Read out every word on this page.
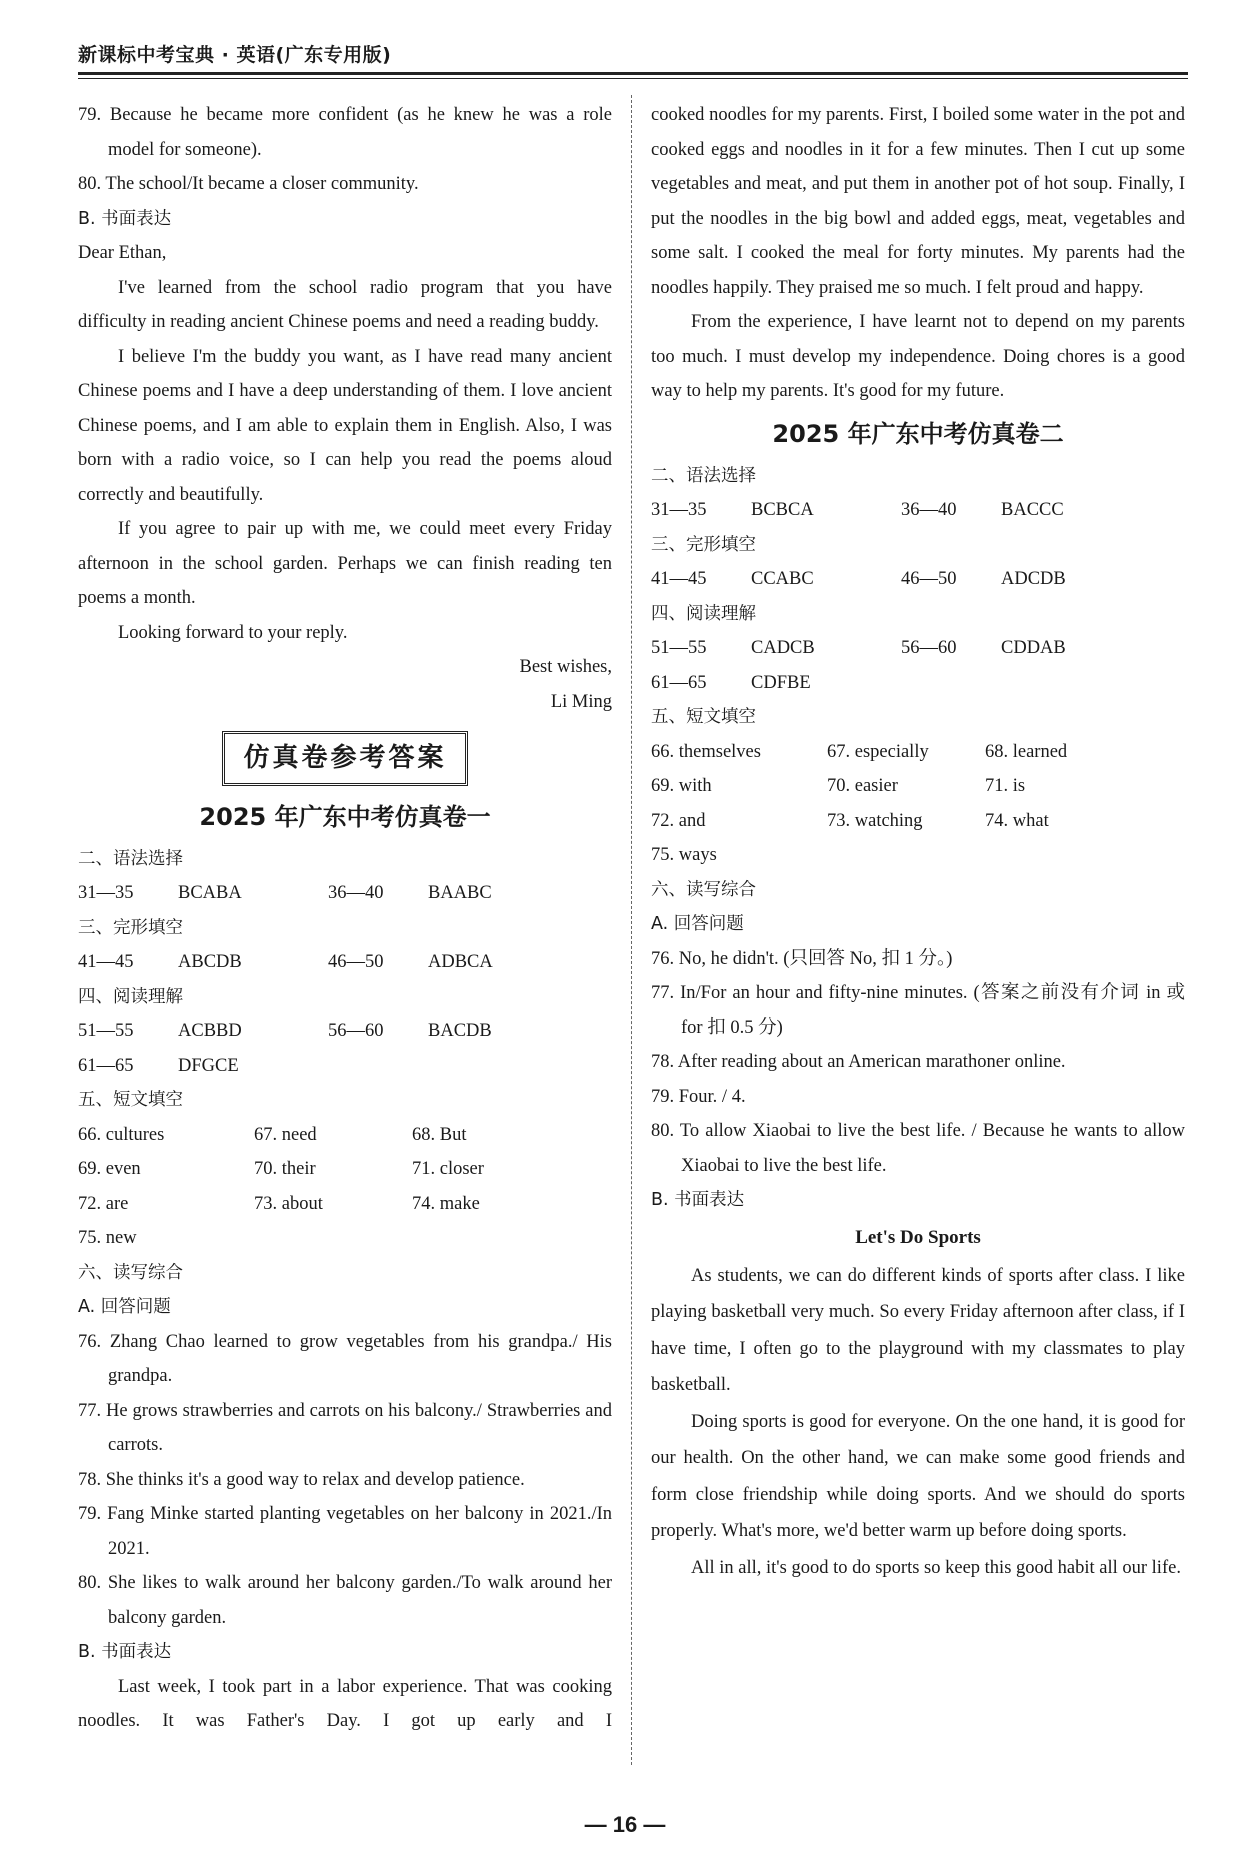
新课标中考宝典 · 英语(广东专用版)

79. Because he became more confident (as he knew he was a role model for someone).

80. The school/It became a closer community.

B. 书面表达

Dear Ethan,

I've learned from the school radio program that you have difficulty in reading ancient Chinese poems and need a reading buddy.

I believe I'm the buddy you want, as I have read many ancient Chinese poems and I have a deep understanding of them. I love ancient Chinese poems, and I am able to explain them in English. Also, I was born with a radio voice, so I can help you read the poems aloud correctly and beautifully.

If you agree to pair up with me, we could meet every Friday afternoon in the school garden. Perhaps we can finish reading ten poems a month.

Looking forward to your reply.

Best wishes,

Li Ming

仿真卷参考答案
2025 年广东中考仿真卷一

二、语法选择

31—35	BCABA	36—40	BAABC

三、完形填空

41—45	ABCDB	46—50	ADBCA

四、阅读理解

51—55	ACBBD	56—60	BACDB
61—65	DFGCE

五、短文填空

66. cultures	67. need	68. But
69. even	70. their	71. closer
72. are	73. about	74. make

75. new

六、读写综合

A. 回答问题

76. Zhang Chao learned to grow vegetables from his grandpa./ His grandpa.

77. He grows strawberries and carrots on his balcony./ Strawberries and carrots.

78. She thinks it's a good way to relax and develop patience.

79. Fang Minke started planting vegetables on her balcony in 2021./In 2021.

80. She likes to walk around her balcony garden./To walk around her balcony garden.

B. 书面表达

Last week, I took part in a labor experience. That was cooking noodles. It was Father's Day. I got up early and I

cooked noodles for my parents. First, I boiled some water in the pot and cooked eggs and noodles in it for a few minutes. Then I cut up some vegetables and meat, and put them in another pot of hot soup. Finally, I put the noodles in the big bowl and added eggs, meat, vegetables and some salt. I cooked the meal for forty minutes. My parents had the noodles happily. They praised me so much. I felt proud and happy.

From the experience, I have learnt not to depend on my parents too much. I must develop my independence. Doing chores is a good way to help my parents. It's good for my future.

2025 年广东中考仿真卷二

二、语法选择

31—35	BCBCA	36—40	BACCC

三、完形填空

41—45	CCABC	46—50	ADCDB

四、阅读理解

51—55	CADCB	56—60	CDDAB
61—65	CDFBE

五、短文填空

66. themselves	67. especially	68. learned
69. with	70. easier	71. is
72. and	73. watching	74. what

75. ways

六、读写综合

A. 回答问题

76. No, he didn't. (只回答 No, 扣 1 分。)

77. In/For an hour and fifty-nine minutes. (答案之前没有介词 in 或 for 扣 0.5 分)

78. After reading about an American marathoner online.

79. Four. / 4.

80. To allow Xiaobai to live the best life. / Because he wants to allow Xiaobai to live the best life.

B. 书面表达

Let's Do Sports

As students, we can do different kinds of sports after class. I like playing basketball very much. So every Friday afternoon after class, if I have time, I often go to the playground with my classmates to play basketball.

Doing sports is good for everyone. On the one hand, it is good for our health. On the other hand, we can make some good friends and form close friendship while doing sports. And we should do sports properly. What's more, we'd better warm up before doing sports.

All in all, it's good to do sports so keep this good habit all our life.

— 16 —
